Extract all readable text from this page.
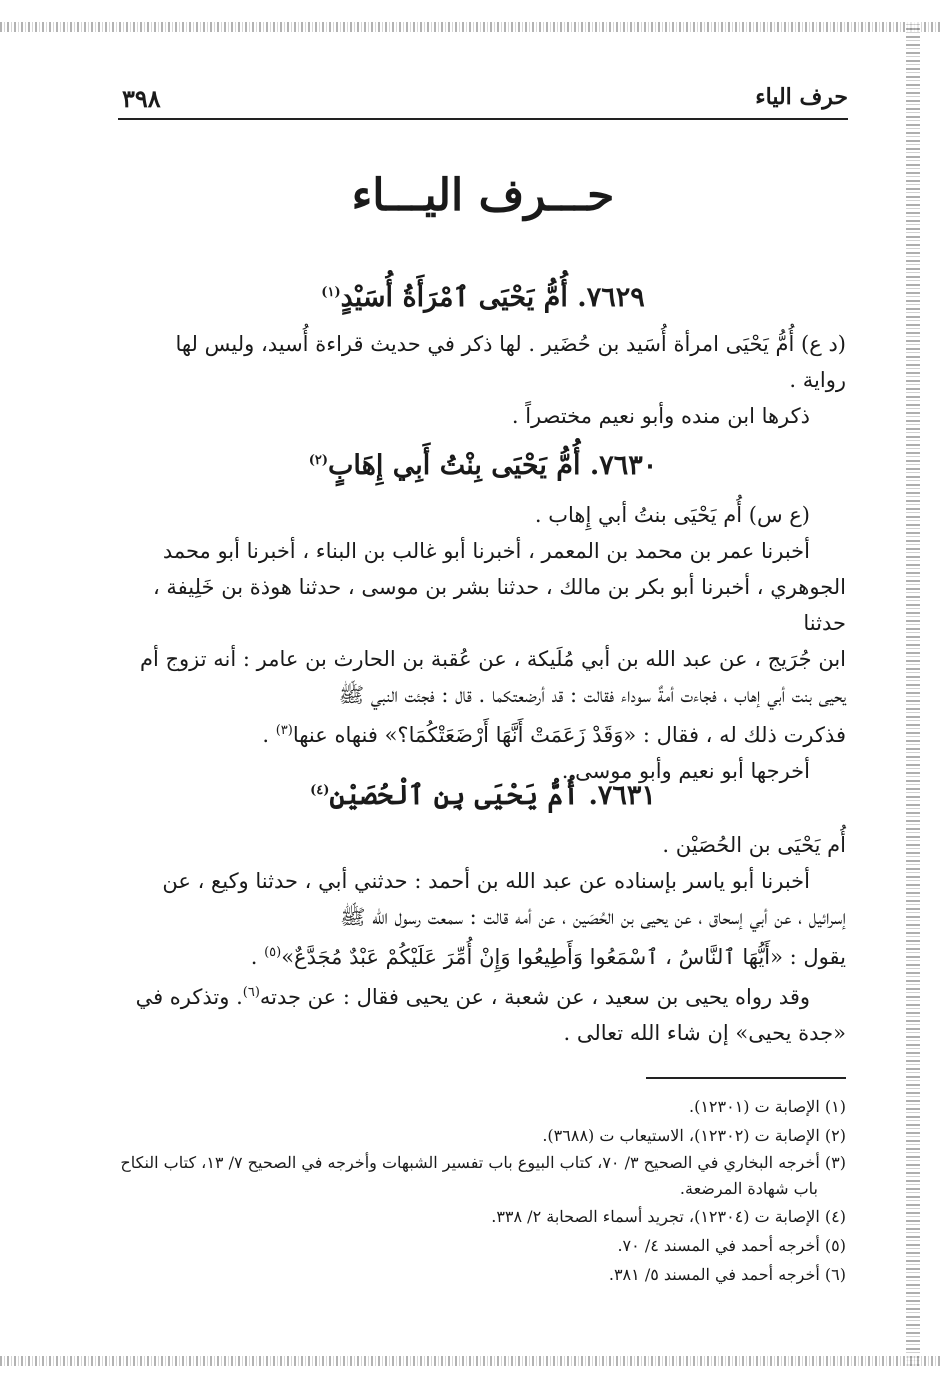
٣٩٨	حرف الياء
حـــرف اليـــاء
٧٦٢٩. أُمُّ يَحْيَى ٱمْرَأَةُ أُسَيْدٍ$^{(١)}$
(د ع) أُمُّ يَحْيَى امرأة أُسَيد بن حُضَير . لها ذكر في حديث قراءة أُسيد، وليس لها
رواية .
ذكرها ابن منده وأبو نعيم مختصراً .
٧٦٣٠. أُمُّ يَحْيَى بِنْتُ أَبِي إِهَابٍ$^{(٢)}$
(ع س) أُم يَحْيَى بنتُ أبي إِهاب .
أخبرنا عمر بن محمد بن المعمر ، أخبرنا أبو غالب بن البناء ، أخبرنا أبو محمد
الجوهري ، أخبرنا أبو بكر بن مالك ، حدثنا بشر بن موسى ، حدثنا هوذة بن خَلِيفة ، حدثنا
ابن جُرَيج ، عن عبد الله بن أبي مُلَيكة ، عن عُقبة بن الحارث بن عامر : أنه تزوج أم
يحيى بنت أبي إهاب ، فجاءت أمةٌ سوداء فقالت : قد أرضعتكما . قال : فجئت النبي ﷺ
فذكرت ذلك له ، فقال : «وَقَدْ زَعَمَتْ أَنَّهَا أَرْضَعَتْكُمَا؟» فنهاه عنها$^{(٣)}$ .
أخرجها أبو نعيم وأبو موسى .
٧٦٣١. أُمُّ يَحْيَى بِنِ ٱلْحُصَيْنِ$^{(٤)}$
أُم يَحْيَى بن الحُصَيْن .
أخبرنا أبو ياسر بإسناده عن عبد الله بن أحمد : حدثني أبي ، حدثنا وكيع ، عن
إسرائيل ، عن أبي إسحاق ، عن يحيى بن الحُصَين ، عن أمه قالت : سمعت رسول الله ﷺ
يقول : «أَيُّهَا ٱلنَّاسُ ، ٱسْمَعُوا وَأَطِيعُوا وَإِنْ أُمِّرَ عَلَيْكُمْ عَبْدٌ مُجَدَّعٌ»$^{(٥)}$ .
وقد رواه يحيى بن سعيد ، عن شعبة ، عن يحيى فقال : عن جدته$^{(٦)}$. وتذكره في
«جدة يحيى» إن شاء الله تعالى .
(١) الإصابة ت (١٢٣٠١).
(٢) الإصابة ت (١٢٣٠٢)، الاستيعاب ت (٣٦٨٨).
(٣) أخرجه البخاري في الصحيح ٣/ ٧٠، كتاب البيوع باب تفسير الشبهات وأخرجه في الصحيح ٧/ ١٣، كتاب النكاح باب شهادة المرضعة.
(٤) الإصابة ت (١٢٣٠٤)، تجريد أسماء الصحابة ٢/ ٣٣٨.
(٥) أخرجه أحمد في المسند ٤/ ٧٠.
(٦) أخرجه أحمد في المسند ٥/ ٣٨١.
